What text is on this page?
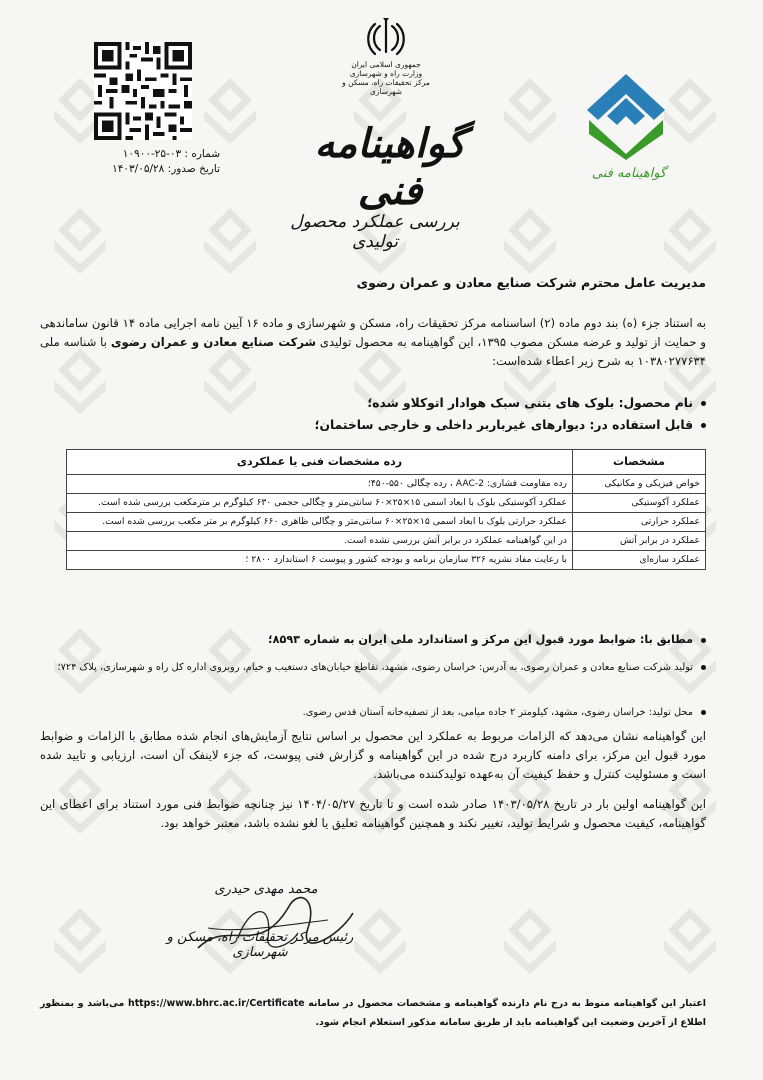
شماره : ۰۳-۲۵-۱۰۹۰۰
تاریخ صدور: ۱۴۰۳/۰۵/۲۸
جمهوری اسلامی ایران
وزارت راه و شهرسازی
مرکز تحقیقات راه، مسکن و شهرسازی
گواهینامه فنی
بررسی عملکرد محصول تولیدی
گواهینامه فنی
مدیریت عامل محترم شرکت صنایع معادن و عمران رضوی
به استناد جزء (ه) بند دوم ماده (۲) اساسنامه مرکز تحقیقات راه، مسکن و شهرسازی و ماده ۱۶ آیین نامه اجرایی ماده ۱۴ قانون ساماندهی و حمایت از تولید و عرضه مسکن مصوب ۱۳۹۵، این گواهینامه به محصول تولیدی شرکت صنایع معادن و عمران رضوی با شناسه ملی ۱۰۳۸۰۲۷۷۶۳۴ به شرح زیر اعطاء شده‌است:
نام محصول: بلوک های بتنی سبک هوادار اتوکلاو شده؛
قابل استفاده در: دیوارهای غیرباربر داخلی و خارجی ساختمان؛
مشخصات	رده مشخصات فنی یا عملکردی
خواص فیزیکی و مکانیکی	رده مقاومت فشاری: AAC-2 ، رده چگالی ۵۵۰-۴۵۰؛
عملکرد آکوستیکی	عملکرد آکوستیکی بلوک با ابعاد اسمی ۱۵×۲۵×۶۰ سانتی‌متر و چگالی حجمی ۶۳۰ کیلوگرم بر مترمکعب بررسی شده است.
عملکرد حرارتی	عملکرد حرارتی بلوک با ابعاد اسمی ۱۵×۲۵×۶۰ سانتی‌متر و چگالی ظاهری ۶۶۰ کیلوگرم بر متر مکعب بررسی شده است.
عملکرد در برابر آتش	در این گواهینامه عملکرد در برابر آتش بررسی نشده است.
عملکرد سازه‌ای	با رعایت مفاد نشریه ۳۲۶ سازمان برنامه و بودجه کشور و پیوست ۶ استاندارد ۲۸۰۰ ؛
مطابق با: ضوابط مورد قبول این مرکز و استاندارد ملی ایران به شماره ۸۵۹۳؛
تولید شرکت صنایع معادن و عمران رضوی، به آدرس: خراسان رضوی، مشهد، تقاطع خیابان‌های دستغیب و خیام، روبروی اداره کل راه و شهرسازی، پلاک ۷۲۴؛
محل تولید: خراسان رضوی، مشهد، کیلومتر ۲ جاده میامی، بعد از تصفیه‌خانه آستان قدس رضوی.
این گواهینامه نشان می‌دهد که الزامات مربوط به عملکرد این محصول بر اساس نتایج آزمایش‌های انجام شده مطابق با الزامات و ضوابط مورد قبول این مرکز، برای دامنه کاربرد درج شده در این گواهینامه و گزارش فنی پیوست، که جزء لاینفک آن است، ارزیابی و تایید شده است و مسئولیت کنترل و حفظ کیفیت آن به‌عهده تولیدکننده می‌باشد.
این گواهینامه اولین بار در تاریخ ۱۴۰۳/۰۵/۲۸ صادر شده است و تا تاریخ ۱۴۰۴/۰۵/۲۷ نیز چنانچه ضوابط فنی مورد استناد برای اعطای این گواهینامه، کیفیت محصول و شرایط تولید، تغییر نکند و همچنین گواهینامه تعلیق یا لغو نشده باشد، معتبر خواهد بود.
محمد مهدی حیدری
رئیس مرکز تحقیقات راه، مسکن و شهرسازی
اعتبار این گواهینامه منوط به درج نام دارنده گواهینامه و مشخصات محصول در سامانه https://www.bhrc.ac.ir/Certificate می‌باشد و بمنظور اطلاع از آخرین وضعیت این گواهینامه باید از طریق سامانه مذکور استعلام انجام شود.
